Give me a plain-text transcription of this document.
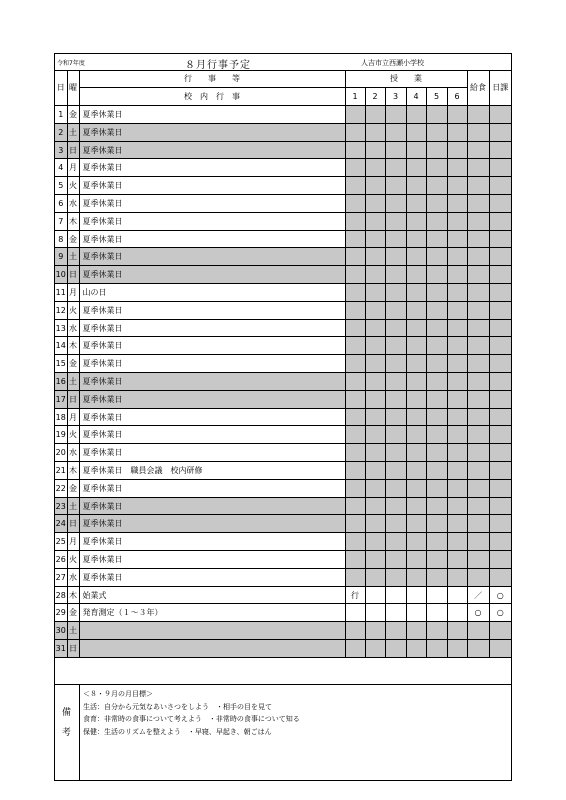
令和7年度	８月行事予定	人吉市立西瀬小学校
日	曜	行　　事　　等	授　　業						給食	日課
		校　内　行　事	1	2	3	4	5	6		
1	金	夏季休業日								
2	土	夏季休業日								
3	日	夏季休業日								
4	月	夏季休業日								
5	火	夏季休業日								
6	水	夏季休業日								
7	木	夏季休業日								
8	金	夏季休業日								
9	土	夏季休業日								
10	日	夏季休業日								
11	月	山の日								
12	火	夏季休業日								
13	水	夏季休業日								
14	木	夏季休業日								
15	金	夏季休業日								
16	土	夏季休業日								
17	日	夏季休業日								
18	月	夏季休業日								
19	火	夏季休業日								
20	水	夏季休業日								
21	木	夏季休業日　職員会議　校内研修								
22	金	夏季休業日								
23	土	夏季休業日								
24	日	夏季休業日								
25	月	夏季休業日								
26	火	夏季休業日								
27	水	夏季休業日								
28	木	始業式	行						／	○
29	金	発育測定（１～３年）							○	○
30	土									
31	日									
備
考
＜８・９月の月目標＞
生活：自分から元気なあいさつをしよう　・相手の目を見て
食育：非常時の食事について考えよう　・非常時の食事について知る
保健：生活のリズムを整えよう　・早寝、早起き、朝ごはん
